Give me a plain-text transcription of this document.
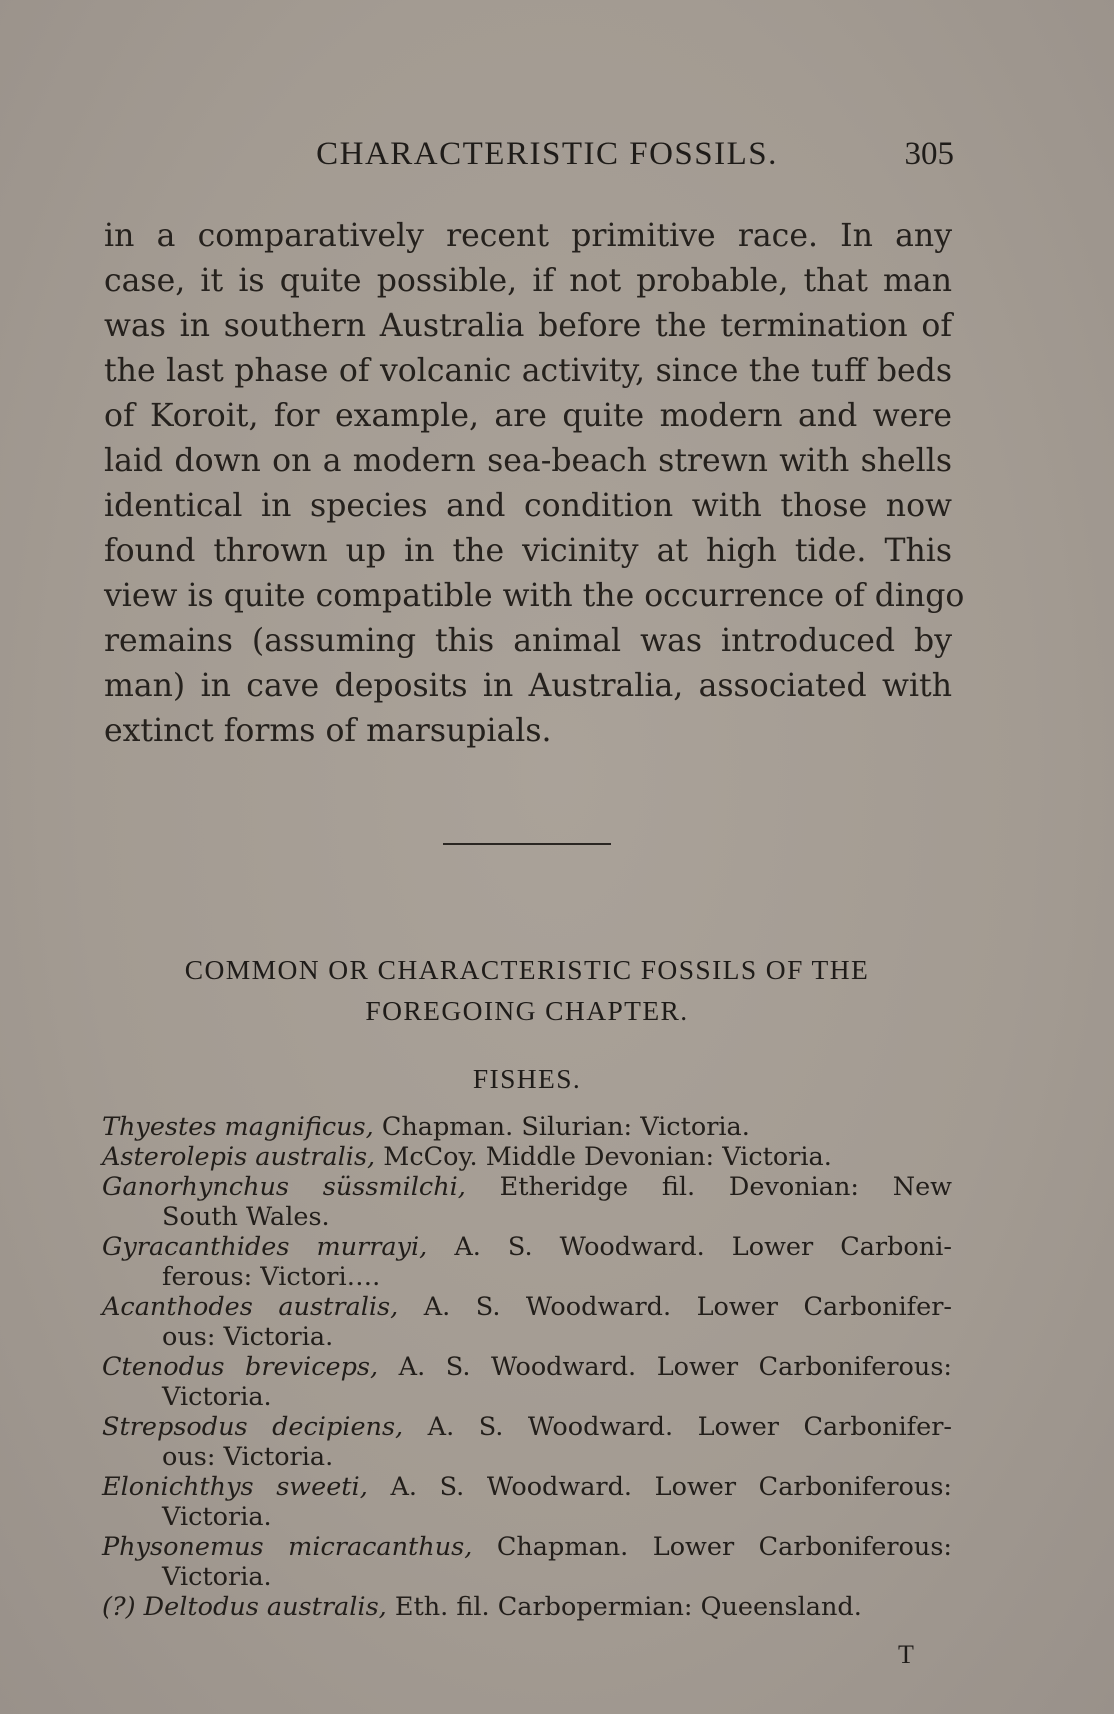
CHARACTERISTIC FOSSILS.	305
in a comparatively recent primitive race. In any
case, it is quite possible, if not probable, that man
was in southern Australia before the termination of
the last phase of volcanic activity, since the tuff beds
of Koroit, for example, are quite modern and were
laid down on a modern sea-beach strewn with shells
identical in species and condition with those now
found thrown up in the vicinity at high tide. This
view is quite compatible with the occurrence of dingo
remains (assuming this animal was introduced by
man) in cave deposits in Australia, associated with
extinct forms of marsupials.
COMMON OR CHARACTERISTIC FOSSILS OF THE
FOREGOING CHAPTER.
FISHES.
Thyestes magnificus, Chapman. Silurian: Victoria.
Asterolepis australis, McCoy. Middle Devonian: Victoria.
Ganorhynchus süssmilchi, Etheridge fil. Devonian: New
South Wales.
Gyracanthides murrayi, A. S. Woodward. Lower Carboni-
ferous: Victori….
Acanthodes australis, A. S. Woodward. Lower Carbonifer-
ous: Victoria.
Ctenodus breviceps, A. S. Woodward. Lower Carboniferous:
Victoria.
Strepsodus decipiens, A. S. Woodward. Lower Carbonifer-
ous: Victoria.
Elonichthys sweeti, A. S. Woodward. Lower Carboniferous:
Victoria.
Physonemus micracanthus, Chapman. Lower Carboniferous:
Victoria.
(?) Deltodus australis, Eth. fil. Carbopermian: Queensland.
T
